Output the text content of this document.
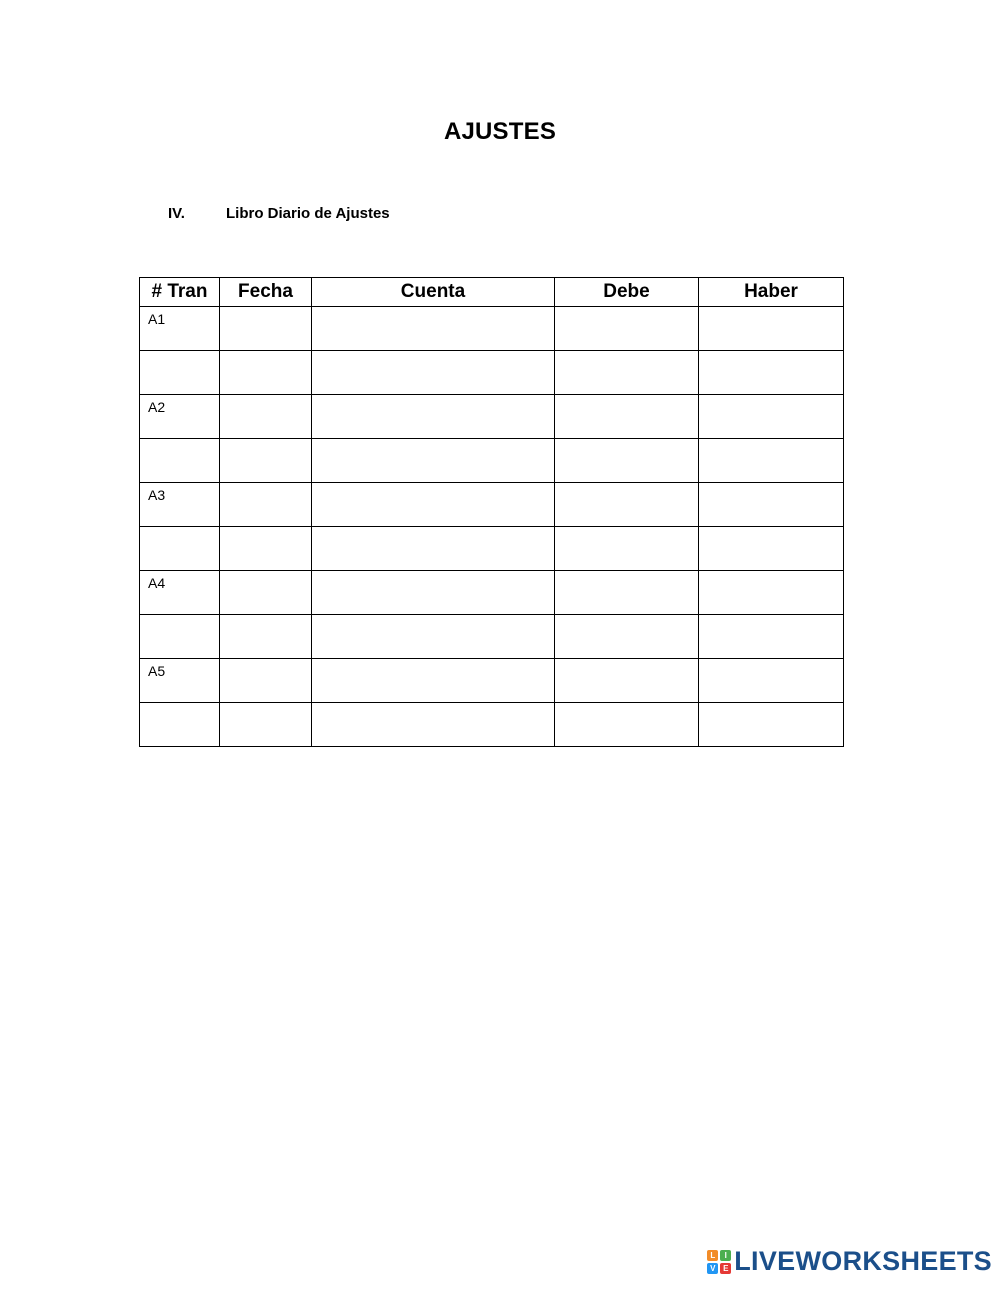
AJUSTES
IV.	Libro Diario de Ajustes
# Tran	Fecha	Cuenta	Debe	Haber
A1				

A2				

A3				

A4				

A5				

L	I
V E LIVEWORKSHEETS
